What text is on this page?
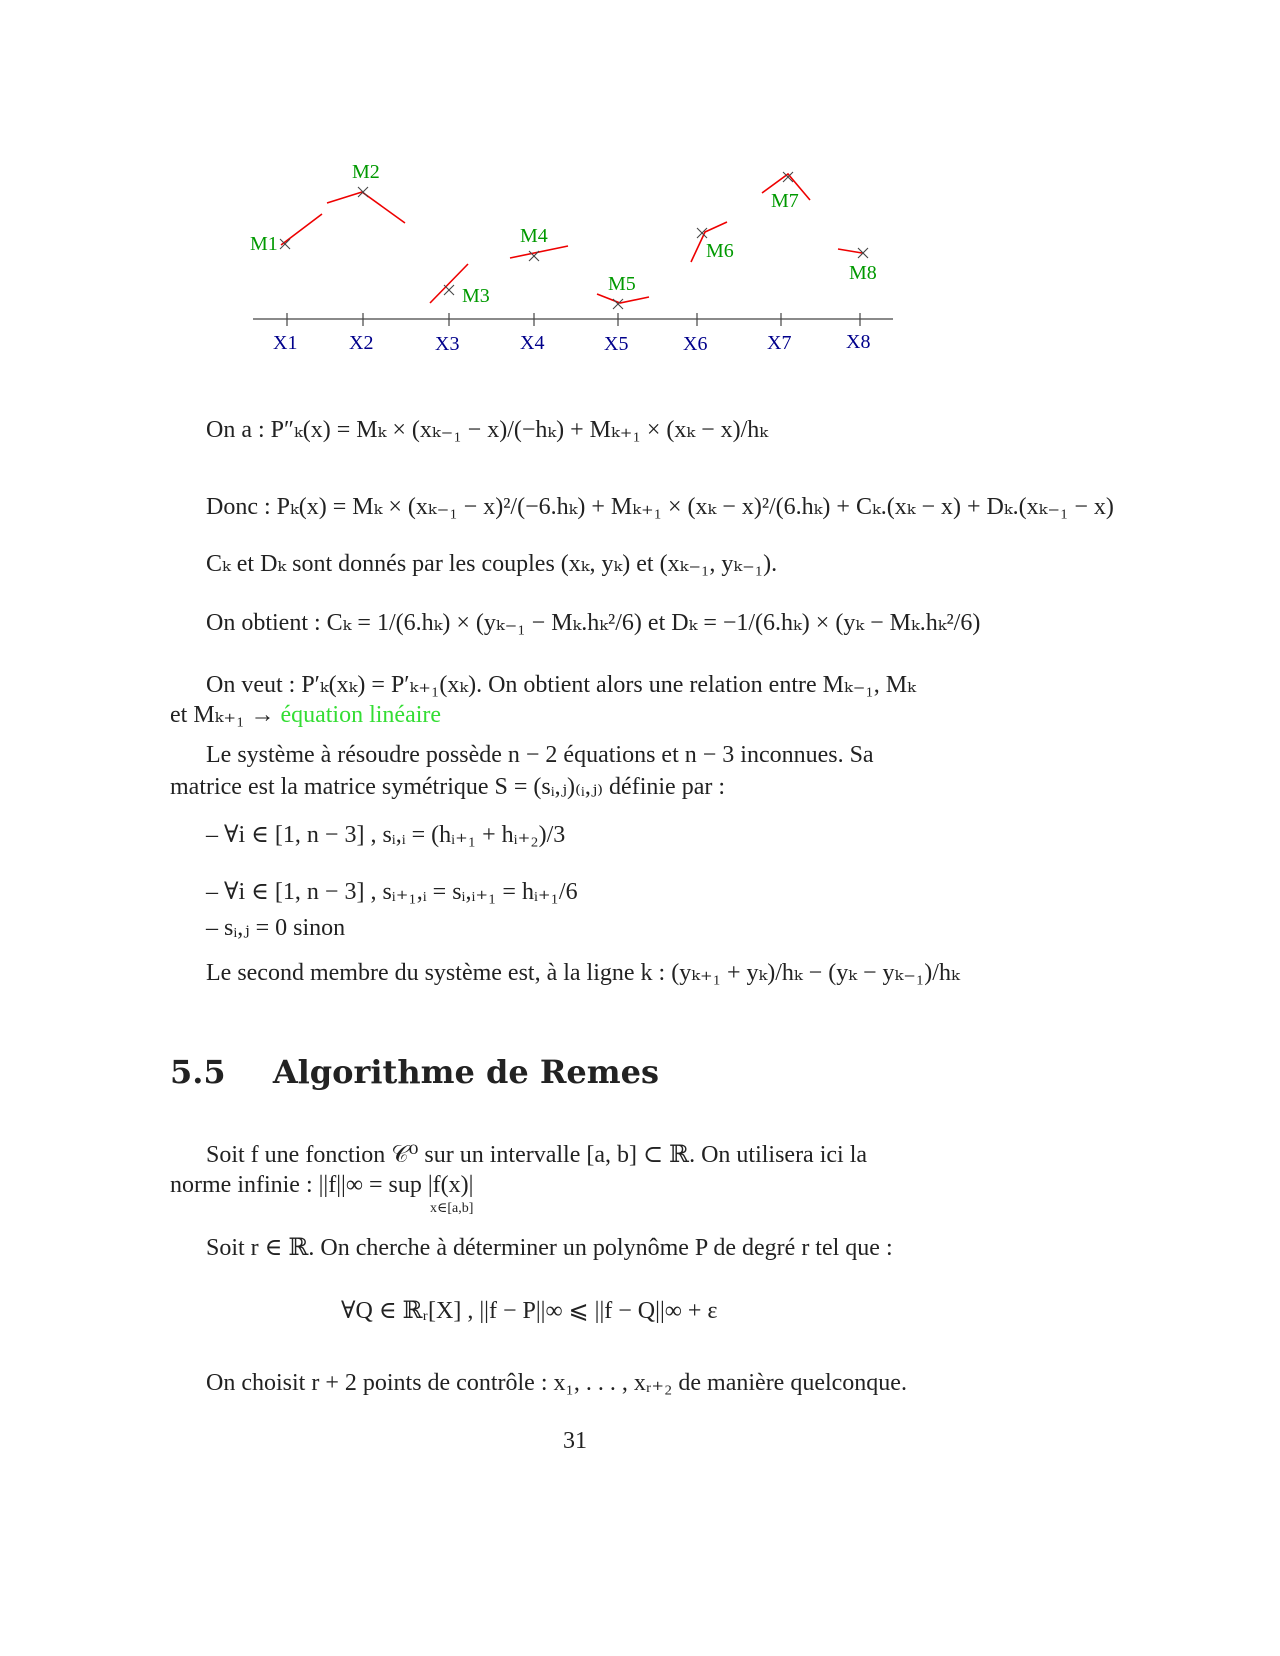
M1
M2
M3
M4
M5
M6
M7
M8
X1	X2	X3	X4	X5	X6	X7	X8
On a : P″ₖ(x) = Mₖ × (xₖ₋₁ − x)/(−hₖ) + Mₖ₊₁ × (xₖ − x)/hₖ
Donc : Pₖ(x) = Mₖ × (xₖ₋₁ − x)²/(−6.hₖ) + Mₖ₊₁ × (xₖ − x)²/(6.hₖ) + Cₖ.(xₖ − x) + Dₖ.(xₖ₋₁ − x)
Cₖ et Dₖ sont donnés par les couples (xₖ, yₖ) et (xₖ₋₁, yₖ₋₁).
On obtient : Cₖ = 1/(6.hₖ) × (yₖ₋₁ − Mₖ.hₖ²/6) et Dₖ = −1/(6.hₖ) × (yₖ − Mₖ.hₖ²/6)
On veut : P′ₖ(xₖ) = P′ₖ₊₁(xₖ). On obtient alors une relation entre Mₖ₋₁, Mₖ
et Mₖ₊₁ → équation linéaire
Le système à résoudre possède n − 2 équations et n − 3 inconnues. Sa
matrice est la matrice symétrique S = (sᵢ,ⱼ)₍ᵢ,ⱼ₎ définie par :
– ∀i ∈ [1, n − 3] , sᵢ,ᵢ = (hᵢ₊₁ + hᵢ₊₂)/3
– ∀i ∈ [1, n − 3] , sᵢ₊₁,ᵢ = sᵢ,ᵢ₊₁ = hᵢ₊₁/6
– sᵢ,ⱼ = 0 sinon
Le second membre du système est, à la ligne k : (yₖ₊₁ + yₖ)/hₖ − (yₖ − yₖ₋₁)/hₖ
5.5 Algorithme de Remes
Soit f une fonction 𝒞⁰ sur un intervalle [a, b] ⊂ ℝ. On utilisera ici la
norme infinie : ||f||∞ = sup |f(x)|
x∈[a,b]
Soit r ∈ ℝ. On cherche à déterminer un polynôme P de degré r tel que :
∀Q ∈ ℝᵣ[X] , ||f − P||∞ ⩽ ||f − Q||∞ + ε
On choisit r + 2 points de contrôle : x₁, . . . , xᵣ₊₂ de manière quelconque.
31
